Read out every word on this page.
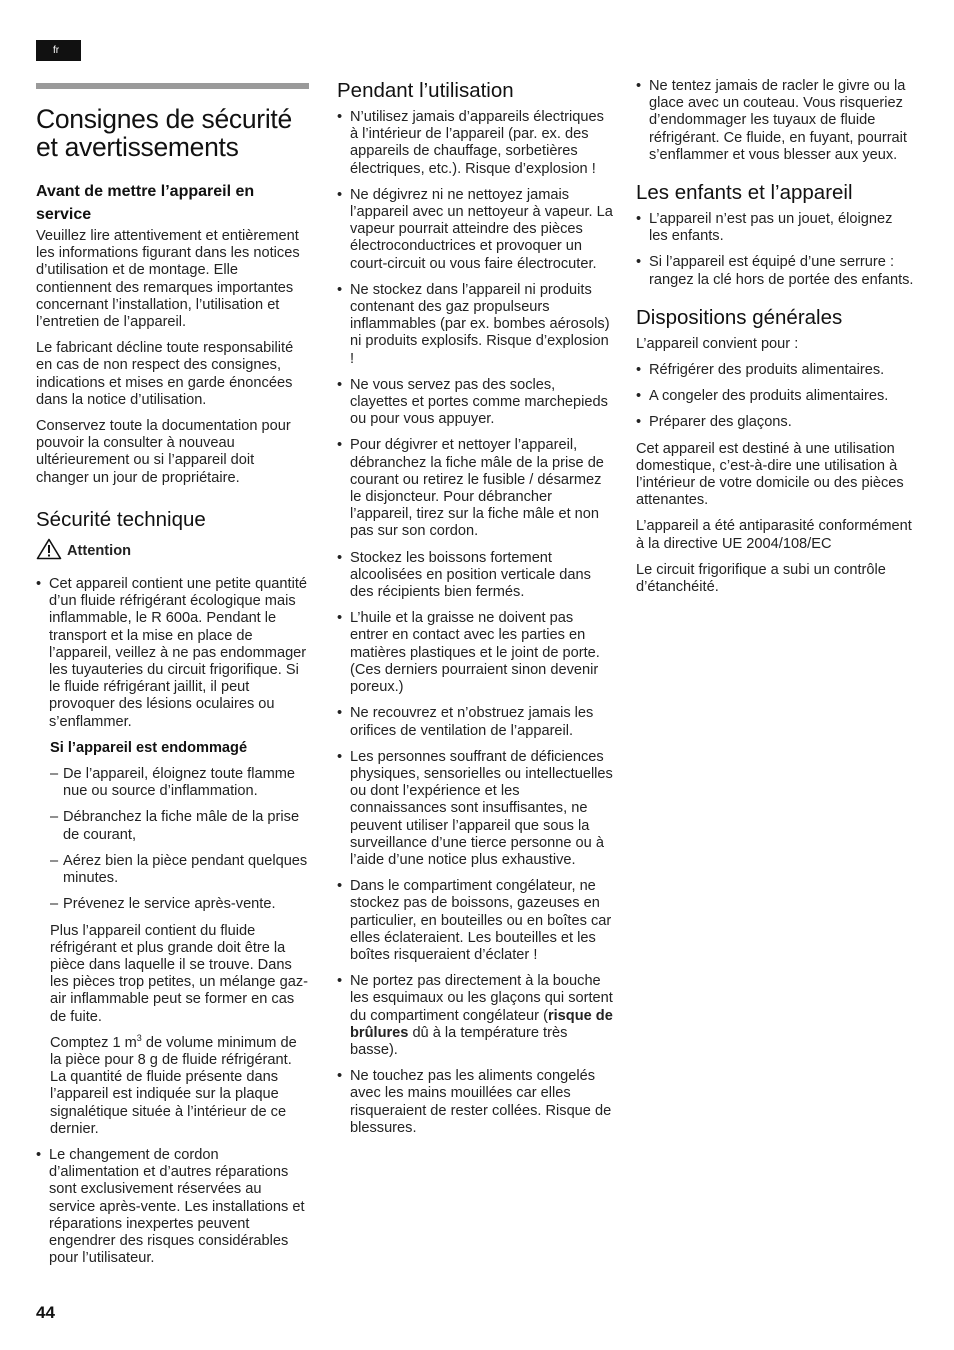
fr
Consignes de sécurité et avertissements
Avant de mettre l’appareil en service

Veuillez lire attentivement et entièrement les informations figurant dans les notices d’utilisation et de montage. Elle contiennent des remarques importantes concernant l’installation, l’utilisation et l’entretien de l’appareil.

Le fabricant décline toute responsabilité en cas de non respect des consignes, indications et mises en garde énoncées dans la notice d’utilisation.

Conservez toute la documentation pour pouvoir la consulter à nouveau ultérieurement ou si l’appareil doit changer un jour de propriétaire.

Sécurité technique
Attention
• Cet appareil contient une petite quantité d’un fluide réfrigérant écologique mais inflammable, le R 600a. Pendant le transport et la mise en place de l’appareil, veillez à ne pas endommager les tuyauteries du circuit frigorifique. Si le fluide réfrigérant jaillit, il peut provoquer des lésions oculaires ou s’enflammer.
Si l’appareil est endommagé
– De l’appareil, éloignez toute flamme nue ou source d’inflammation.
– Débranchez la fiche mâle de la prise de courant,
– Aérez bien la pièce pendant quelques minutes.
– Prévenez le service après-vente.

Plus l’appareil contient du fluide réfrigérant et plus grande doit être la pièce dans laquelle il se trouve. Dans les pièces trop petites, un mélange gaz-air inflammable peut se former en cas de fuite.

Comptez 1 $m^3$ de volume minimum de la pièce pour 8 g de fluide réfrigérant. La quantité de fluide présente dans l’appareil est indiquée sur la plaque signalétique située à l’intérieur de ce dernier.

• Le changement de cordon d’alimentation et d’autres réparations sont exclusivement réservées au service après-vente. Les installations et réparations inexpertes peuvent engendrer des risques considérables pour l’utilisateur.
Pendant l’utilisation
• N’utilisez jamais d’appareils électriques à l’intérieur de l’appareil (par. ex. des appareils de chauffage, sorbetières électriques, etc.). Risque d’explosion !
• Ne dégivrez ni ne nettoyez jamais l’appareil avec un nettoyeur à vapeur. La vapeur pourrait atteindre des pièces électroconductrices et provoquer un court-circuit ou vous faire électrocuter.
• Ne stockez dans l’appareil ni produits contenant des gaz propulseurs inflammables (par ex. bombes aérosols) ni produits explosifs. Risque d’explosion !
• Ne vous servez pas des socles, clayettes et portes comme marchepieds ou pour vous appuyer.
• Pour dégivrer et nettoyer l’appareil, débranchez la fiche mâle de la prise de courant ou retirez le fusible / désarmez le disjoncteur. Pour débrancher l’appareil, tirez sur la fiche mâle et non pas sur son cordon.
• Stockez les boissons fortement alcoolisées en position verticale dans des récipients bien fermés.
• L’huile et la graisse ne doivent pas entrer en contact avec les parties en matières plastiques et le joint de porte. (Ces derniers pourraient sinon devenir poreux.)
• Ne recouvrez et n’obstruez jamais les orifices de ventilation de l’appareil.
• Les personnes souffrant de déficiences physiques, sensorielles ou intellectuelles ou dont l’expérience et les connaissances sont insuffisantes, ne peuvent utiliser l’appareil que sous la surveillance d’une tierce personne ou à l’aide d’une notice plus exhaustive.
• Dans le compartiment congélateur, ne stockez pas de boissons, gazeuses en particulier, en bouteilles ou en boîtes car elles éclateraient. Les bouteilles et les boîtes risqueraient d’éclater !
• Ne portez pas directement à la bouche les esquimaux ou les glaçons qui sortent du compartiment congélateur (risque de brûlures dû à la température très basse).
• Ne touchez pas les aliments congelés avec les mains mouillées car elles risqueraient de rester collées. Risque de blessures.
• Ne tentez jamais de racler le givre ou la glace avec un couteau. Vous risqueriez d’endommager les tuyaux de fluide réfrigérant. Ce fluide, en fuyant, pourrait s’enflammer et vous blesser aux yeux.
Les enfants et l’appareil
• L’appareil n’est pas un jouet, éloignez les enfants.
• Si l’appareil est équipé d’une serrure : rangez la clé hors de portée des enfants.
Dispositions générales

L’appareil convient pour :

• Réfrigérer des produits alimentaires.
• A congeler des produits alimentaires.
• Préparer des glaçons.

Cet appareil est destiné à une utilisation domestique, c’est-à-dire une utilisation à l’intérieur de votre domicile ou des pièces attenantes.

L’appareil a été antiparasité conformément à la directive UE 2004/108/EC

Le circuit frigorifique a subi un contrôle d’étanchéité.

44
